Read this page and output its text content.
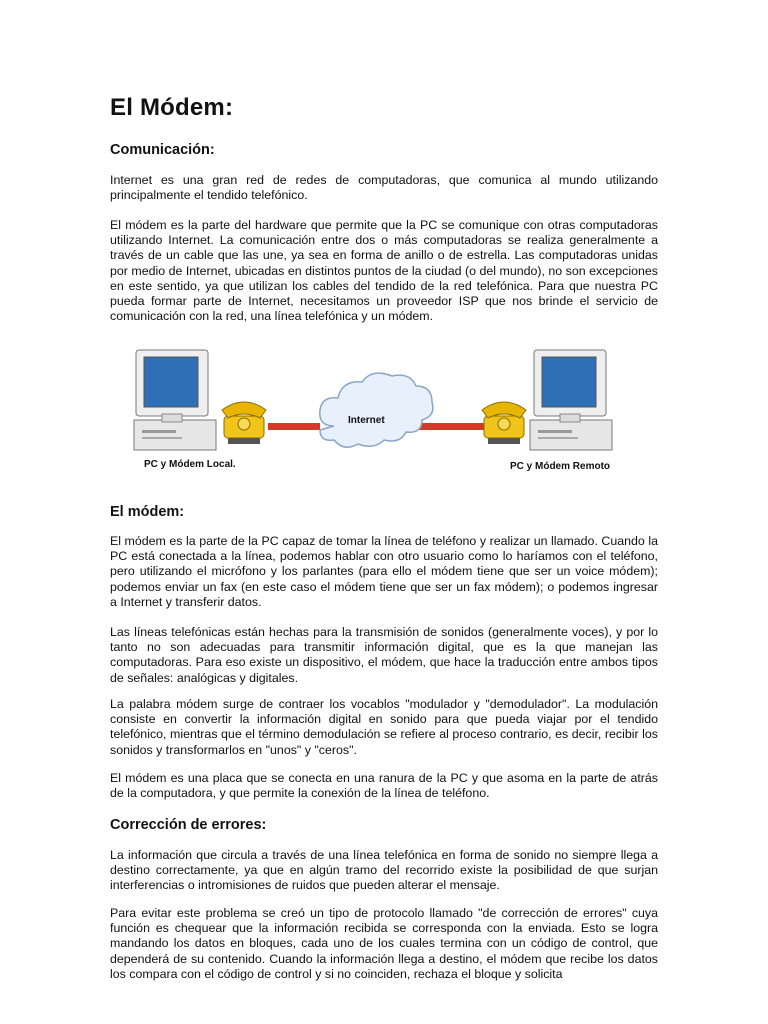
El Módem:
Comunicación:

Internet es una gran red de redes de computadoras, que comunica al mundo utilizando principalmente el tendido telefónico.

El módem es la parte del hardware que permite que la PC se comunique con otras computadoras utilizando Internet. La comunicación entre dos o más computadoras se realiza generalmente a través de un cable que las une, ya sea en forma de anillo o de estrella. Las computadoras unidas por medio de Internet, ubicadas en distintos puntos de la ciudad (o del mundo), no son excepciones en este sentido, ya que utilizan los cables del tendido de la red telefónica. Para que nuestra PC pueda formar parte de Internet, necesitamos un proveedor ISP que nos brinde el servicio de comunicación con la red, una línea telefónica y un módem.

Internet
PC y Módem Local.	PC y Módem Remoto
El módem:

El módem es la parte de la PC capaz de tomar la línea de teléfono y realizar un llamado. Cuando la PC está conectada a la línea, podemos hablar con otro usuario como lo haríamos con el teléfono, pero utilizando el micrófono y los parlantes (para ello el módem tiene que ser un voice módem); podemos enviar un fax (en este caso el módem tiene que ser un fax módem); o podemos ingresar a Internet y transferir datos.

Las líneas telefónicas están hechas para la transmisión de sonidos (generalmente voces), y por lo tanto no son adecuadas para transmitir información digital, que es la que manejan las computadoras. Para eso existe un dispositivo, el módem, que hace la traducción entre ambos tipos de señales: analógicas y digitales.

La palabra módem surge de contraer los vocablos "modulador y "demodulador". La modulación consiste en convertir la información digital en sonido para que pueda viajar por el tendido telefónico, mientras que el término demodulación se refiere al proceso contrario, es decir, recibir los sonidos y transformarlos en "unos" y "ceros".

El módem es una placa que se conecta en una ranura de la PC y que asoma en la parte de atrás de la computadora, y que permite la conexión de la línea de teléfono.

Corrección de errores:

La información que circula a través de una línea telefónica en forma de sonido no siempre llega a destino correctamente, ya que en algún tramo del recorrido existe la posibilidad de que surjan interferencias o intromisiones de ruidos que pueden alterar el mensaje.

Para evitar este problema se creó un tipo de protocolo llamado "de corrección de errores" cuya función es chequear que la información recibida se corresponda con la enviada. Esto se logra mandando los datos en bloques, cada uno de los cuales termina con un código de control, que dependerá de su contenido. Cuando la información llega a destino, el módem que recibe los datos los compara con el código de control y si no coinciden, rechaza el bloque y solicita
